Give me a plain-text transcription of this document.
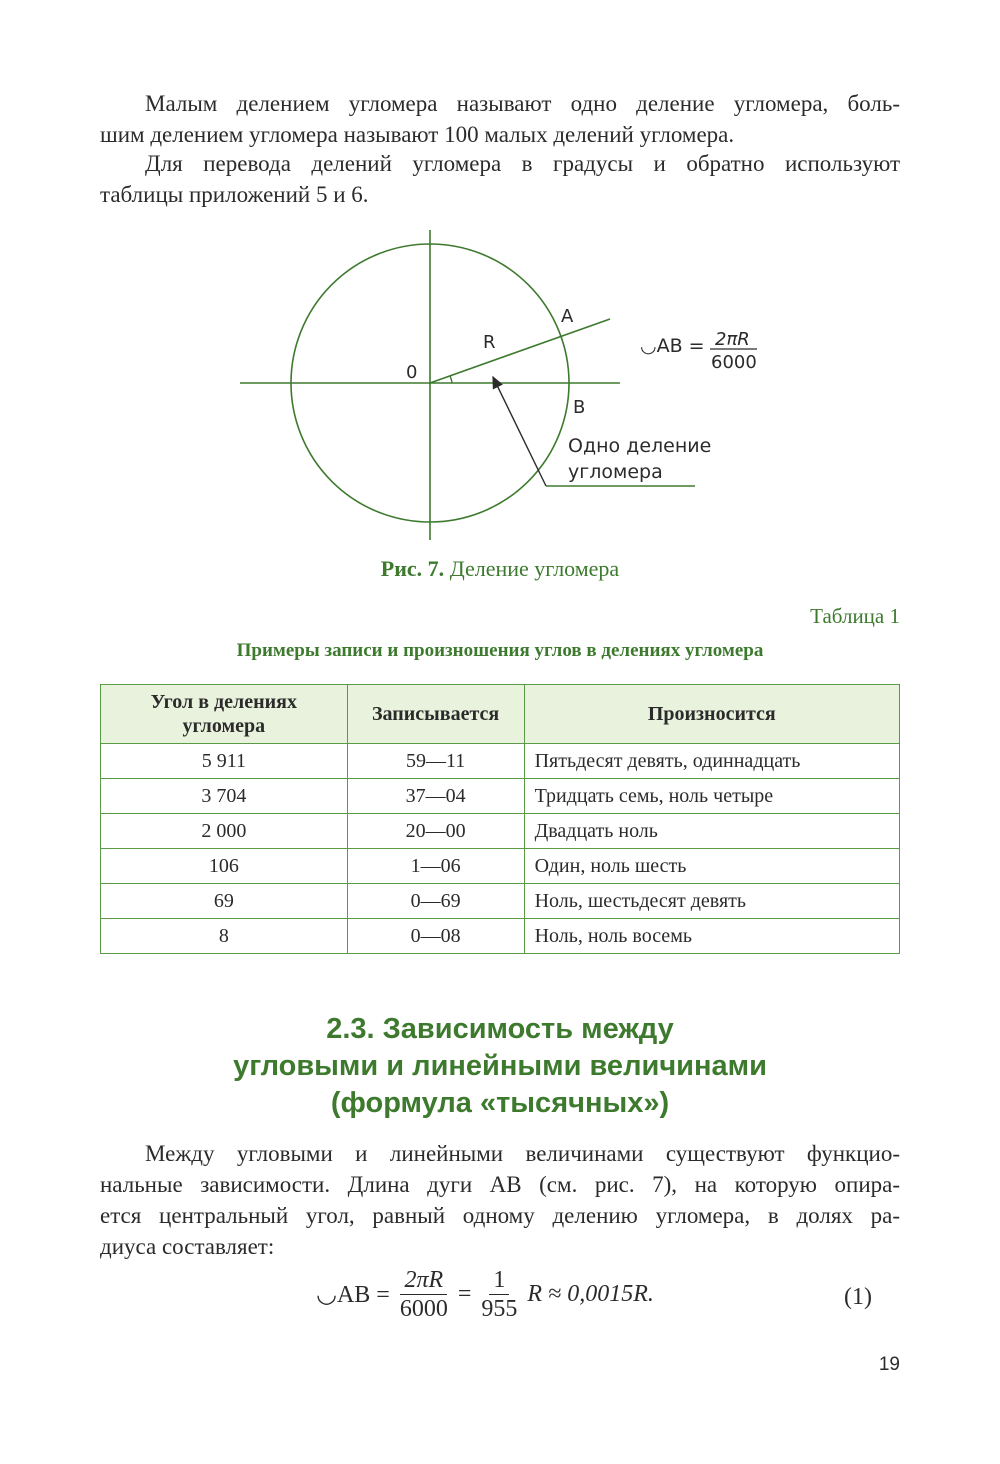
Малым делением угломера называют одно деление угломера, боль-
шим делением угломера называют 100 малых делений угломера.

Для перевода делений угломера в градусы и обратно используют
таблицы приложений 5 и 6.

0
R
A
B
Одно деление
угломера
◡AB = 2πR
6000
Рис. 7. Деление угломера
Таблица 1
Примеры записи и произношения углов в делениях угломера
Угол в делениях
угломера	Записывается	Произносится
5 911	59—11	Пятьдесят девять, одиннадцать
3 704	37—04	Тридцать семь, ноль четыре
2 000	20—00	Двадцать ноль
106	1—06	Один, ноль шесть
69	0—69	Ноль, шестьдесят девять
8	0—08	Ноль, ноль восемь
2.3. Зависимость между
угловыми и линейными величинами
(формула «тысячных»)

Между угловыми и линейными величинами существуют функцио-
нальные зависимости. Длина дуги АВ (см. рис. 7), на которую опира-
ется центральный угол, равный одному делению угломера, в долях ра-
диуса составляет:

◡AB = $\frac{2\pi R}{6000} = \frac{1}{955}$ R ≈ 0,0015R.	(1)
19
